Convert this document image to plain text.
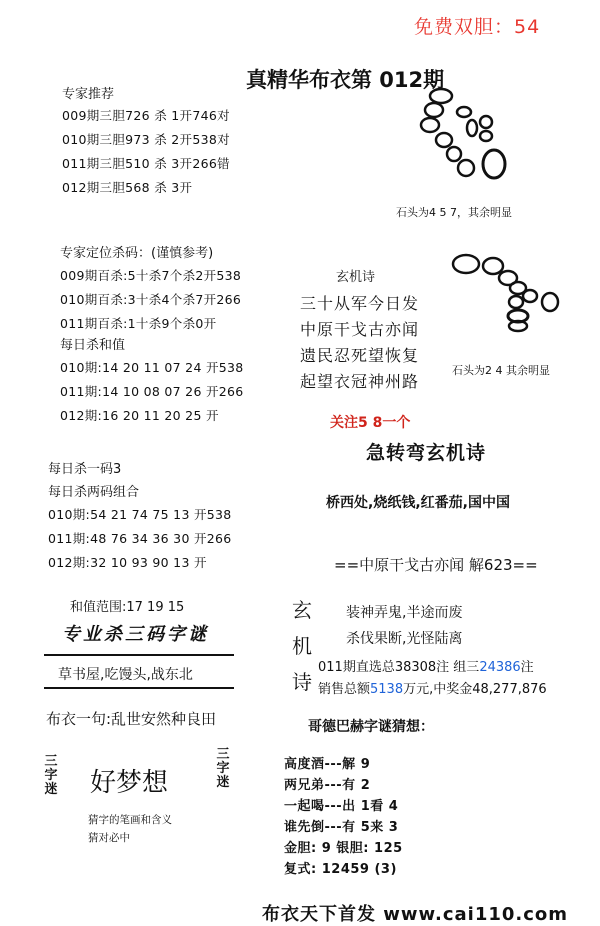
免费双胆：54
真精华布衣第 012期
专家推荐
009期三胆726 杀 1开746对
010期三胆973 杀 2开538对
011期三胆510 杀 3开266错
012期三胆568 杀 3开
专家定位杀码：(谨慎参考)
009期百杀:5十杀7个杀2开538
010期百杀:3十杀4个杀7开266
011期百杀:1十杀9个杀0开
每日杀和值
010期:14 20 11 07 24 开538
011期:14 10 08 07 26 开266
012期:16 20 11 20 25 开
每日杀一码3
每日杀两码组合
010期:54 21 74 75 13 开538
011期:48 76 34 36 30 开266
012期:32 10 93 90 13 开
和值范围:17 19 15
专业杀三码字谜
草书屋,吃馒头,战东北
布衣一句:乱世安然种良田
三
字
迷 好梦想
三
字
迷
猜字的笔画和含义
猜对必中
石头为4 5 7，其余明显
石头为2 4 其余明显
玄机诗
三十从军今日发
中原干戈古亦闻
遗民忍死望恢复
起望衣冠神州路
关注5 8一个
急转弯玄机诗
桥西处,烧纸钱,红番茄,国中国
==中原干戈古亦闻 解623==
玄
机
诗
装神弄鬼,半途而废
杀伐果断,光怪陆离
011期直选总38308注 组三24386注
销售总额5138万元,中奖金48,277,876
哥德巴赫字谜猜想：
高度酒---解 9
两兄弟---有 2
一起喝---出 1看 4
谁先倒---有 5来 3
金胆: 9 银胆: 125
复式: 12459 (3)
布衣天下首发 www.cai110.com
